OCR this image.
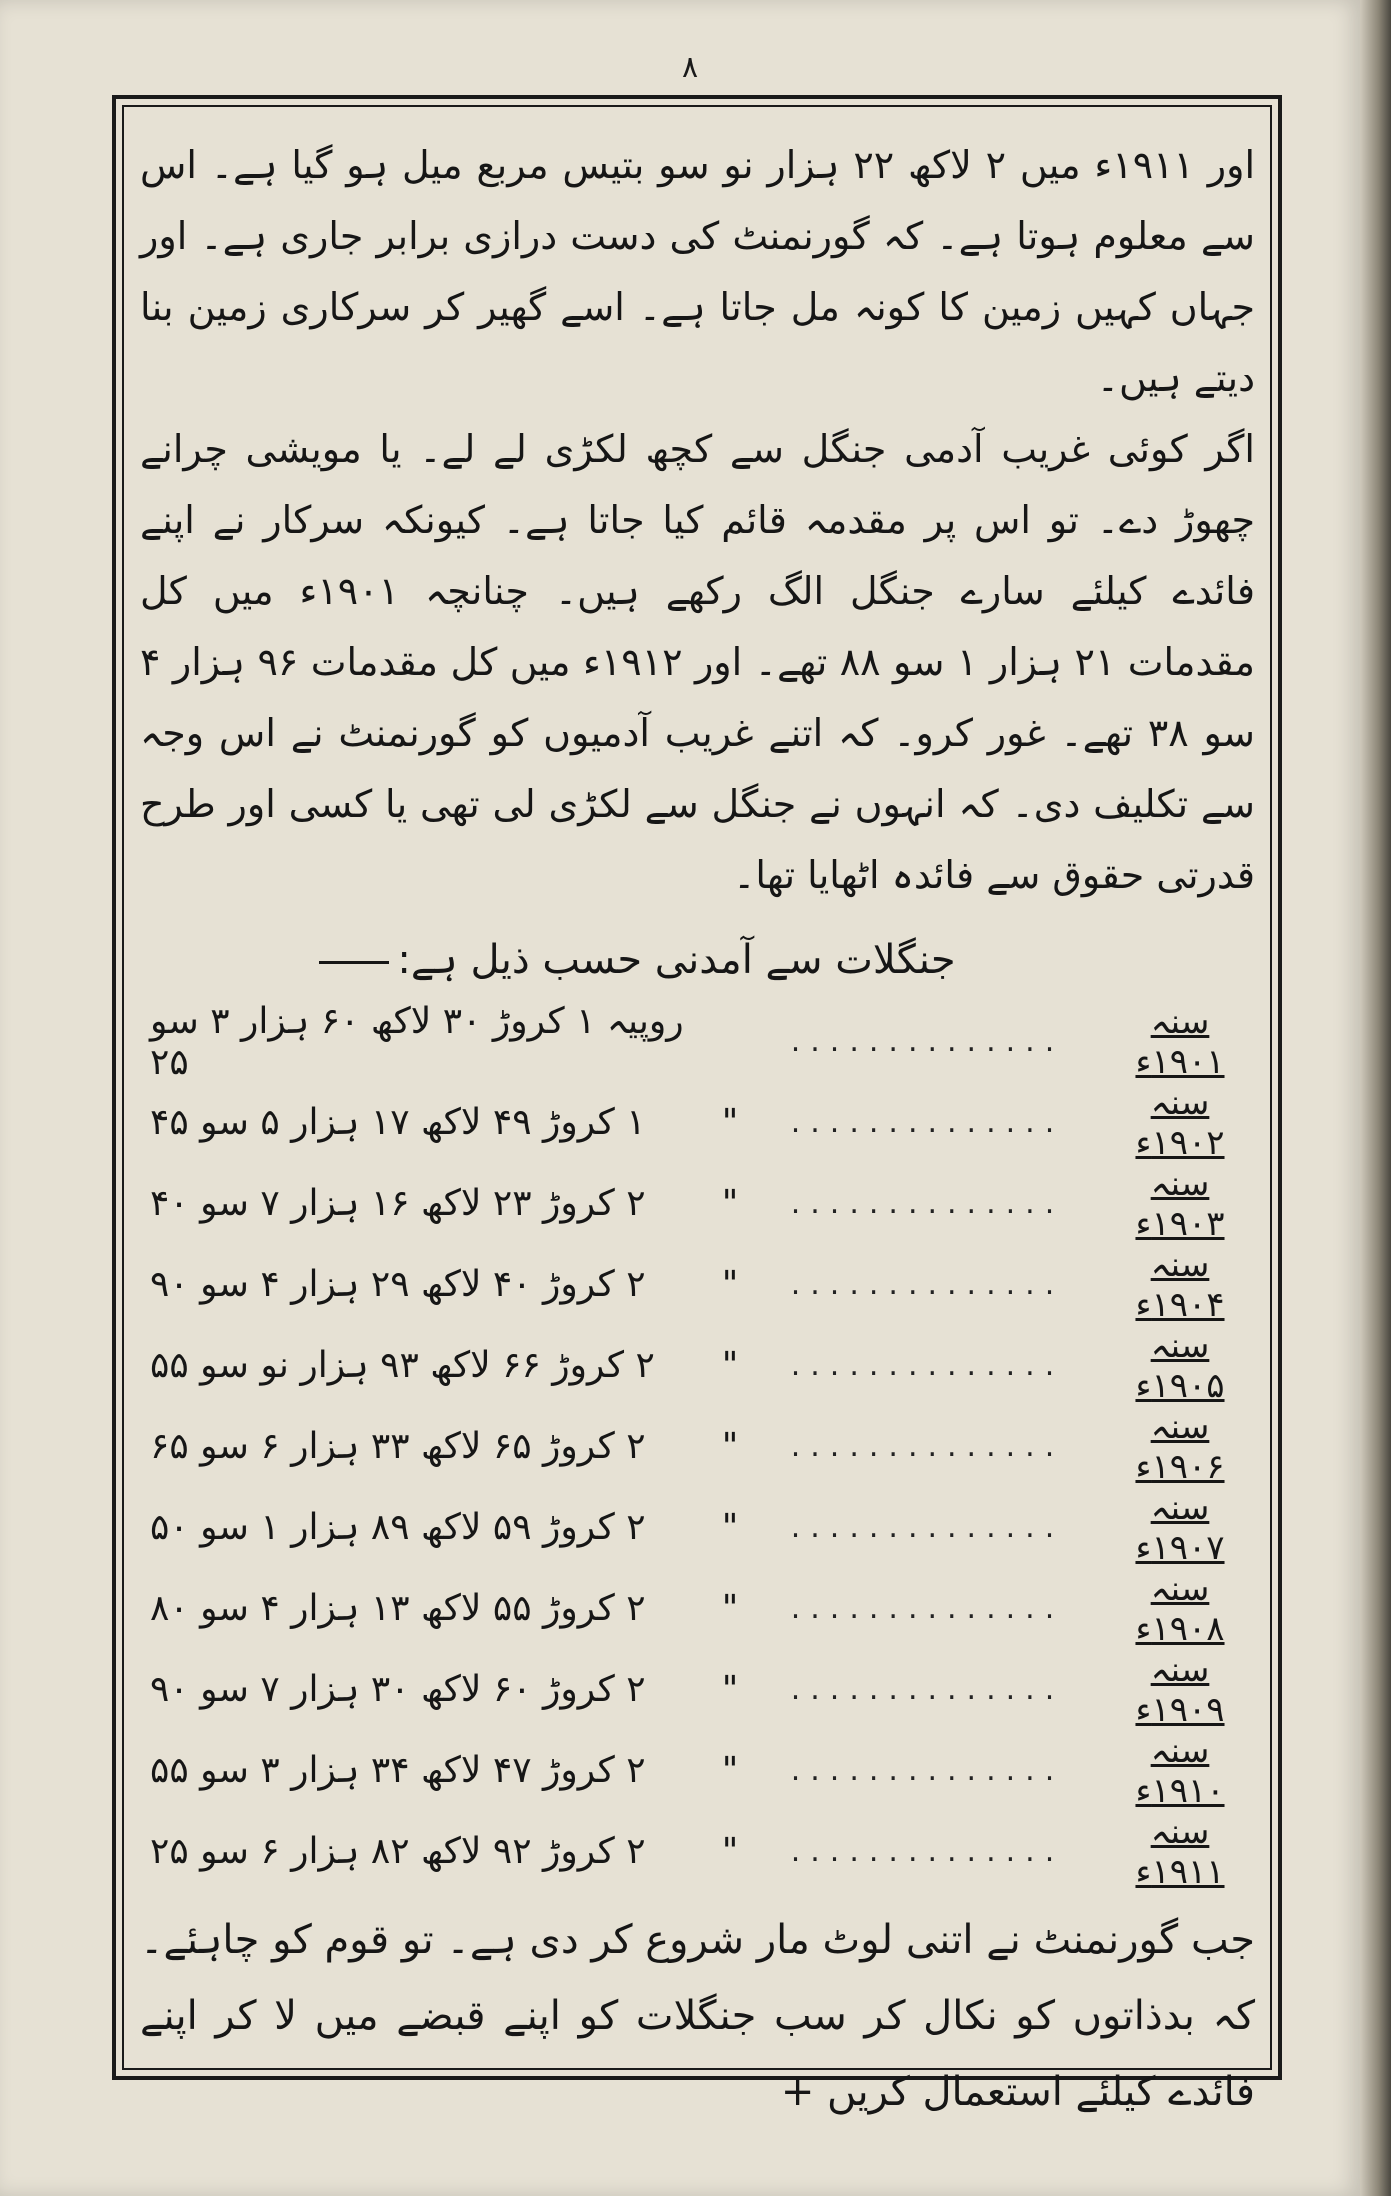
۸

اور ۱۹۱۱ء میں ۲ لاکھ ۲۲ ہزار نو سو بتیس مربع میل ہو گیا ہے۔ اس سے معلوم ہوتا ہے۔ کہ گورنمنٹ کی دست درازی برابر جاری ہے۔ اور جہاں کہیں زمین کا کونہ مل جاتا ہے۔ اسے گھیر کر سرکاری زمین بنا دیتے ہیں۔

اگر کوئی غریب آدمی جنگل سے کچھ لکڑی لے لے۔ یا مویشی چرانے چھوڑ دے۔ تو اس پر مقدمہ قائم کیا جاتا ہے۔ کیونکہ سرکار نے اپنے فائدے کیلئے سارے جنگل الگ رکھے ہیں۔ چنانچہ ۱۹۰۱ء میں کل مقدمات ۲۱ ہزار ۱ سو ۸۸ تھے۔ اور ۱۹۱۲ء میں کل مقدمات ۹۶ ہزار ۴ سو ۳۸ تھے۔ غور کرو۔ کہ اتنے غریب آدمیوں کو گورنمنٹ نے اس وجہ سے تکلیف دی۔ کہ انہوں نے جنگل سے لکڑی لی تھی یا کسی اور طرح قدرتی حقوق سے فائدہ اٹھایا تھا۔

جنگلات سے آمدنی حسب ذیل ہے:
سنہ ۱۹۰۱ء
..............
روپیہ ۱ کروڑ ۳۰ لاکھ ۶۰ ہزار ۳ سو ۲۵
سنہ ۱۹۰۲ء
..............
"
۱ کروڑ ۴۹ لاکھ ۱۷ ہزار ۵ سو ۴۵
سنہ ۱۹۰۳ء
..............
"
۲ کروڑ ۲۳ لاکھ ۱۶ ہزار ۷ سو ۴۰
سنہ ۱۹۰۴ء
..............
"
۲ کروڑ ۴۰ لاکھ ۲۹ ہزار ۴ سو ۹۰
سنہ ۱۹۰۵ء
..............
"
۲ کروڑ ۶۶ لاکھ ۹۳ ہزار نو سو ۵۵
سنہ ۱۹۰۶ء
..............
"
۲ کروڑ ۶۵ لاکھ ۳۳ ہزار ۶ سو ۶۵
سنہ ۱۹۰۷ء
..............
"
۲ کروڑ ۵۹ لاکھ ۸۹ ہزار ۱ سو ۵۰
سنہ ۱۹۰۸ء
..............
"
۲ کروڑ ۵۵ لاکھ ۱۳ ہزار ۴ سو ۸۰
سنہ ۱۹۰۹ء
..............
"
۲ کروڑ ۶۰ لاکھ ۳۰ ہزار ۷ سو ۹۰
سنہ ۱۹۱۰ء
..............
"
۲ کروڑ ۴۷ لاکھ ۳۴ ہزار ۳ سو ۵۵
سنہ ۱۹۱۱ء
..............
"
۲ کروڑ ۹۲ لاکھ ۸۲ ہزار ۶ سو ۲۵

جب گورنمنٹ نے اتنی لوٹ مار شروع کر دی ہے۔ تو قوم کو چاہئے۔ کہ بدذاتوں کو نکال کر سب جنگلات کو اپنے قبضے میں لا کر اپنے فائدے کیلئے استعمال کریں +
